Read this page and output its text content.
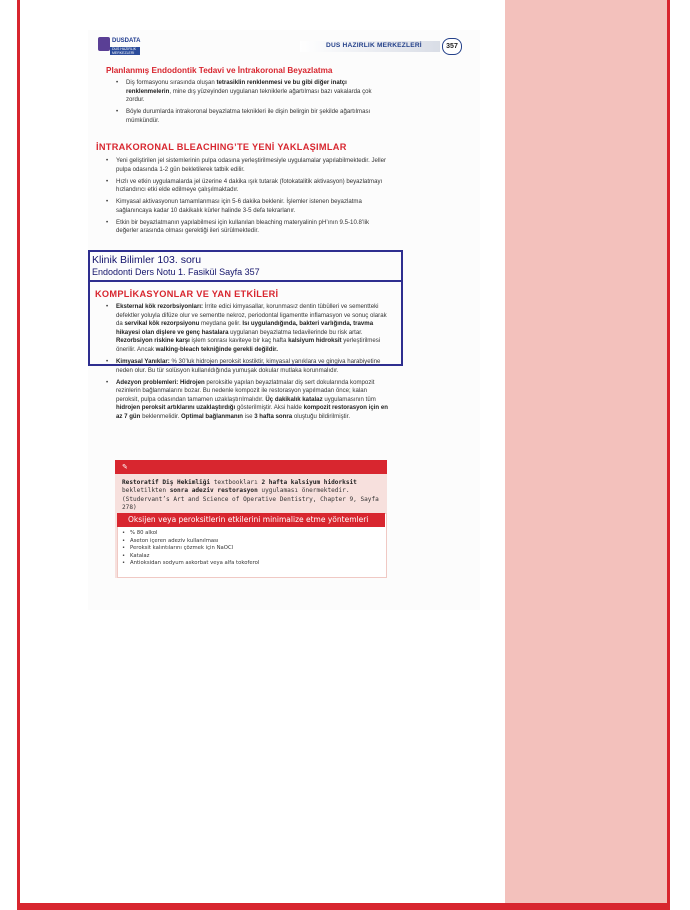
DUSDATA
DUS HAZIRLIK MERKEZLERİ
DUS HAZIRLIK MERKEZLERİ	357
Planlanmış Endodontik Tedavi ve İntrakoronal Beyazlatma
• Diş formasyonu sırasında oluşan tetrasiklin renklenmesi ve bu gibi diğer inatçı renklenmelerin, mine dış yüzeyinden uygulanan tekniklerle ağartılması bazı vakalarda çok zordur.
• Böyle durumlarda intrakoronal beyazlatma teknikleri ile dişin belirgin bir şekilde ağartılması mümkündür.
İNTRAKORONAL BLEACHING’TE YENİ YAKLAŞIMLAR
• Yeni geliştirilen jel sistemlerinin pulpa odasına yerleştirilmesiyle uygulamalar yapılabilmektedir. Jeller pulpa odasında 1-2 gün bekletilerek tatbik edilir.
• Hızlı ve etkin uygulamalarda jel üzerine 4 dakika ışık tutarak (fotokatalitik aktivasyon) beyazlatmayı hızlandırıcı etki elde edilmeye çalışılmaktadır.
• Kimyasal aktivasyonun tamamlanması için 5-6 dakika beklenir. İşlemler istenen beyazlatma sağlanıncaya kadar 10 dakikalık kürler halinde 3-5 defa tekrarlanır.
• Etkin bir beyazlatmanın yapılabilmesi için kullanılan bleaching materyalinin pH’ının 9.5-10.8’lik değerler arasında olması gerektiği ileri sürülmektedir.
Klinik Bilimler 103. soru
Endodonti Ders Notu 1. Fasikül Sayfa 357
KOMPLİKASYONLAR VE YAN ETKİLERİ
• Eksternal kök rezorbsiyonları: İrrite edici kimyasallar, korunmasız dentin tübülleri ve sementteki defektler yoluyla difüze olur ve sementte nekroz, periodontal ligamentte inflamasyon ve sonuç olarak da servikal kök rezorpsiyonu meydana gelir. Isı uygulandığında, bakteri varlığında, travma hikayesi olan dişlere ve genç hastalara uygulanan beyazlatma tedavilerinde bu risk artar. Rezorbsiyon riskine karşı işlem sonrası kaviteye bir kaç hafta kalsiyum hidroksit yerleştirilmesi önerilir. Ancak walking-bleach tekniğinde gerekli değildir.
• Kimyasal Yanıklar: % 30’luk hidrojen peroksit kostiktir, kimyasal yanıklara ve gingiva harabiyetine neden olur. Bu tür solüsyon kullanıldığında yumuşak dokular mutlaka korunmalıdır.
• Adezyon problemleri: Hidrojen peroksitle yapılan beyazlatmalar diş sert dokularında kompozit rezinlerin bağlanmalarını bozar. Bu nedenle kompozit ile restorasyon yapılmadan önce; kalan peroksit, pulpa odasından tamamen uzaklaştırılmalıdır. Üç dakikalık katalaz uygulamasının tüm hidrojen peroksit artıklarını uzaklaştırdığı gösterilmiştir. Aksi halde kompozit restorasyon için en az 7 gün beklenmelidir. Optimal bağlanmanın ise 3 hafta sonra oluştuğu bildirilmiştir.
✎
Restoratif Diş Hekimliği textbookları 2 hafta kalsiyum hidorksit bekletilkten sonra adeziv restorasyon uygulaması önermektedir. (Studervant’s Art and Science of Operative Dentistry, Chapter 9, Sayfa 278)
Oksijen veya peroksitlerin etkilerini minimalize etme yöntemleri
• % 80 alkol
• Aseton içeren adeziv kullanılması
• Peroksit kalıntılarını çözmek için NaOCl
• Katalaz
• Antioksidan sodyum askorbat veya alfa tokoferol
